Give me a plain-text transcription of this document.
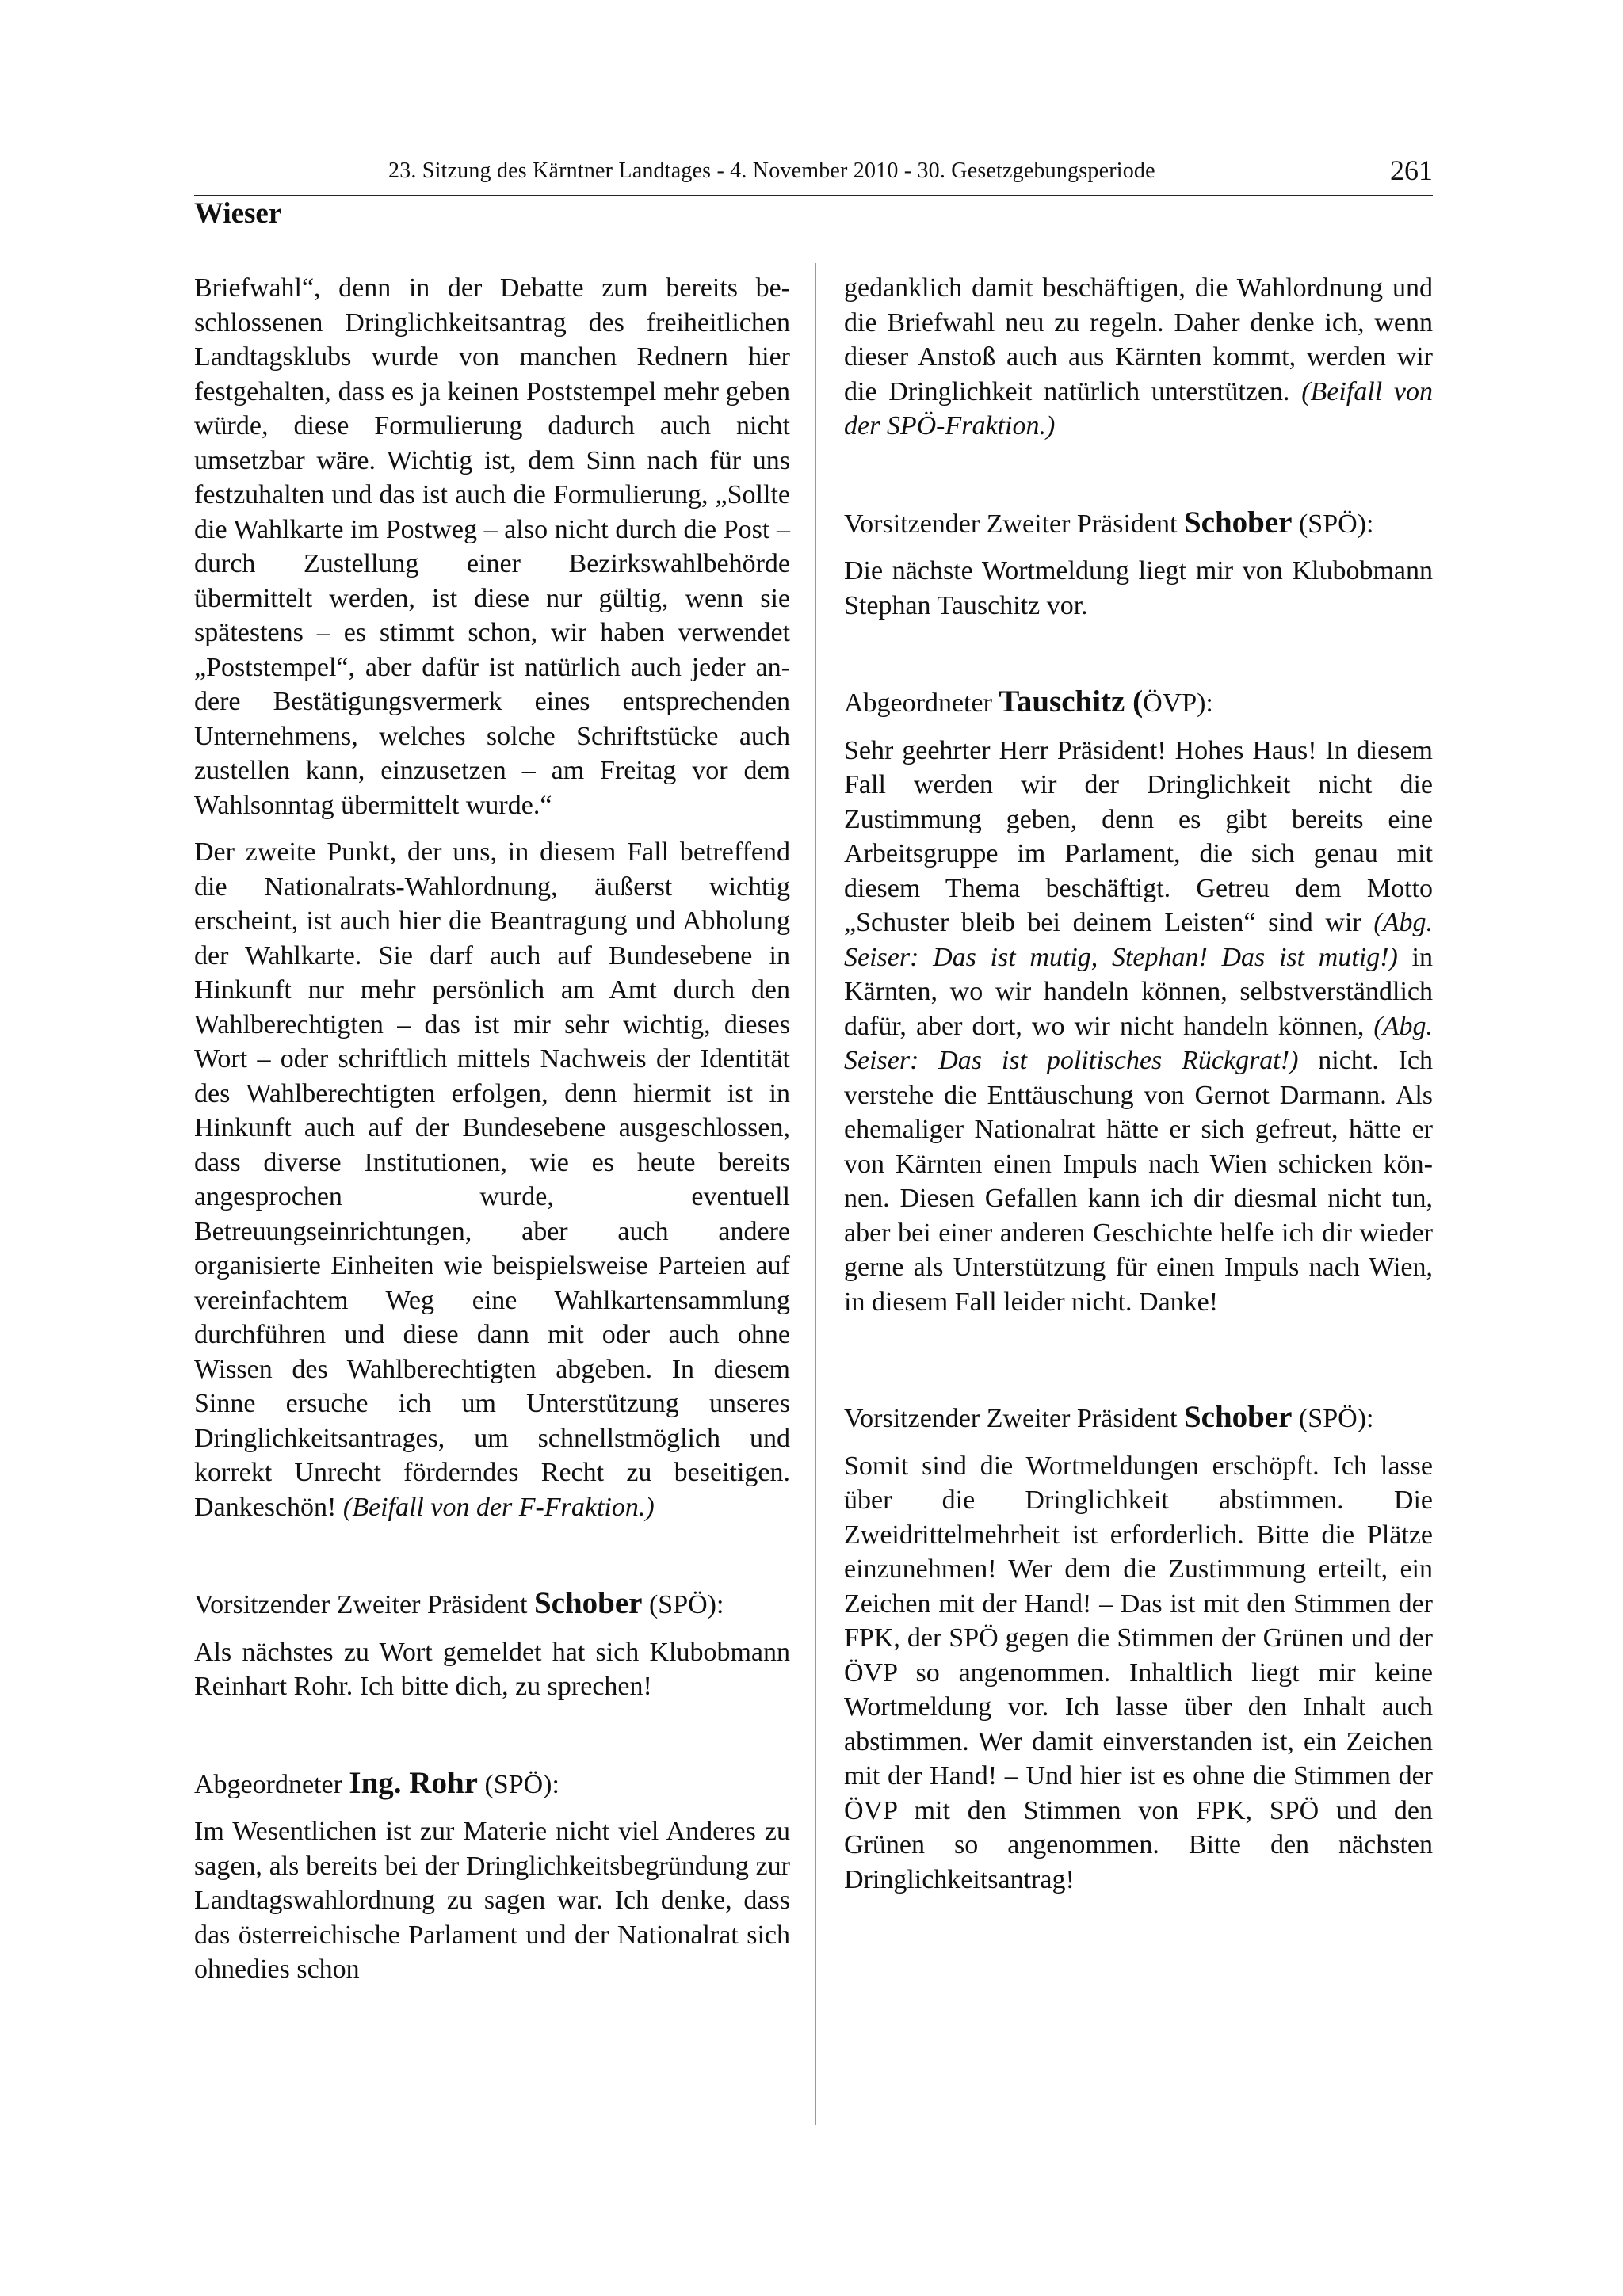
23. Sitzung des Kärntner Landtages - 4. November 2010 - 30. Gesetzgebungsperiode	261
Wieser

Briefwahl“, denn in der Debatte zum bereits beschlossenen Dringlichkeitsantrag des freiheitlichen Landtagsklubs wurde von manchen Rednern hier festgehalten, dass es ja keinen Poststempel mehr geben würde, diese Formulierung dadurch auch nicht umsetzbar wäre. Wichtig ist, dem Sinn nach für uns festzuhalten und das ist auch die Formulierung, „Sollte die Wahlkarte im Postweg – also nicht durch die Post – durch Zustellung einer Bezirkswahlbehörde übermittelt werden, ist diese nur gültig, wenn sie spätestens – es stimmt schon, wir haben verwendet „Poststempel“, aber dafür ist natürlich auch jeder andere Bestätigungsvermerk eines entsprechenden Unternehmens, welches solche Schriftstücke auch zustellen kann, einzusetzen – am Freitag vor dem Wahlsonntag übermittelt wurde.“

Der zweite Punkt, der uns, in diesem Fall betreffend die Nationalrats-Wahlordnung, äußerst wichtig erscheint, ist auch hier die Beantragung und Abholung der Wahlkarte. Sie darf auch auf Bundesebene in Hinkunft nur mehr persönlich am Amt durch den Wahlberechtigten – das ist mir sehr wichtig, dieses Wort – oder schriftlich mittels Nachweis der Identität des Wahlberechtigten erfolgen, denn hiermit ist in Hinkunft auch auf der Bundesebene ausgeschlossen, dass diverse Institutionen, wie es heute bereits angesprochen wurde, eventuell Betreuungseinrichtungen, aber auch andere organisierte Einheiten wie beispielsweise Parteien auf vereinfachtem Weg eine Wahlkartensammlung durchführen und diese dann mit oder auch ohne Wissen des Wahlberechtigten abgeben. In diesem Sinne ersuche ich um Unterstützung unseres Dringlichkeitsantrages, um schnellstmöglich und korrekt Unrecht förderndes Recht zu beseitigen. Dankeschön! (Beifall von der F-Fraktion.)

Vorsitzender Zweiter Präsident Schober (SPÖ):

Als nächstes zu Wort gemeldet hat sich Klubobmann Reinhart Rohr. Ich bitte dich, zu sprechen!

Abgeordneter Ing. Rohr (SPÖ):

Im Wesentlichen ist zur Materie nicht viel Anderes zu sagen, als bereits bei der Dringlichkeitsbegründung zur Landtagswahlordnung zu sagen war. Ich denke, dass das österreichische Parlament und der Nationalrat sich ohnedies schon

gedanklich damit beschäftigen, die Wahlordnung und die Briefwahl neu zu regeln. Daher denke ich, wenn dieser Anstoß auch aus Kärnten kommt, werden wir die Dringlichkeit natürlich unterstützen. (Beifall von der SPÖ-Fraktion.)

Vorsitzender Zweiter Präsident Schober (SPÖ):

Die nächste Wortmeldung liegt mir von Klubobmann Stephan Tauschitz vor.

Abgeordneter Tauschitz (ÖVP):

Sehr geehrter Herr Präsident! Hohes Haus! In diesem Fall werden wir der Dringlichkeit nicht die Zustimmung geben, denn es gibt bereits eine Arbeitsgruppe im Parlament, die sich genau mit diesem Thema beschäftigt. Getreu dem Motto „Schuster bleib bei deinem Leisten“ sind wir (Abg. Seiser: Das ist mutig, Stephan! Das ist mutig!) in Kärnten, wo wir handeln können, selbstverständlich dafür, aber dort, wo wir nicht handeln können, (Abg. Seiser: Das ist politisches Rückgrat!) nicht. Ich verstehe die Enttäuschung von Gernot Darmann. Als ehemaliger Nationalrat hätte er sich gefreut, hätte er von Kärnten einen Impuls nach Wien schicken können. Diesen Gefallen kann ich dir diesmal nicht tun, aber bei einer anderen Geschichte helfe ich dir wieder gerne als Unterstützung für einen Impuls nach Wien, in diesem Fall leider nicht. Danke!

Vorsitzender Zweiter Präsident Schober (SPÖ):

Somit sind die Wortmeldungen erschöpft. Ich lasse über die Dringlichkeit abstimmen. Die Zweidrittelmehrheit ist erforderlich. Bitte die Plätze einzunehmen! Wer dem die Zustimmung erteilt, ein Zeichen mit der Hand! – Das ist mit den Stimmen der FPK, der SPÖ gegen die Stimmen der Grünen und der ÖVP so angenommen. Inhaltlich liegt mir keine Wortmeldung vor. Ich lasse über den Inhalt auch abstimmen. Wer damit einverstanden ist, ein Zeichen mit der Hand! – Und hier ist es ohne die Stimmen der ÖVP mit den Stimmen von FPK, SPÖ und den Grünen so angenommen. Bitte den nächsten Dringlichkeitsantrag!
